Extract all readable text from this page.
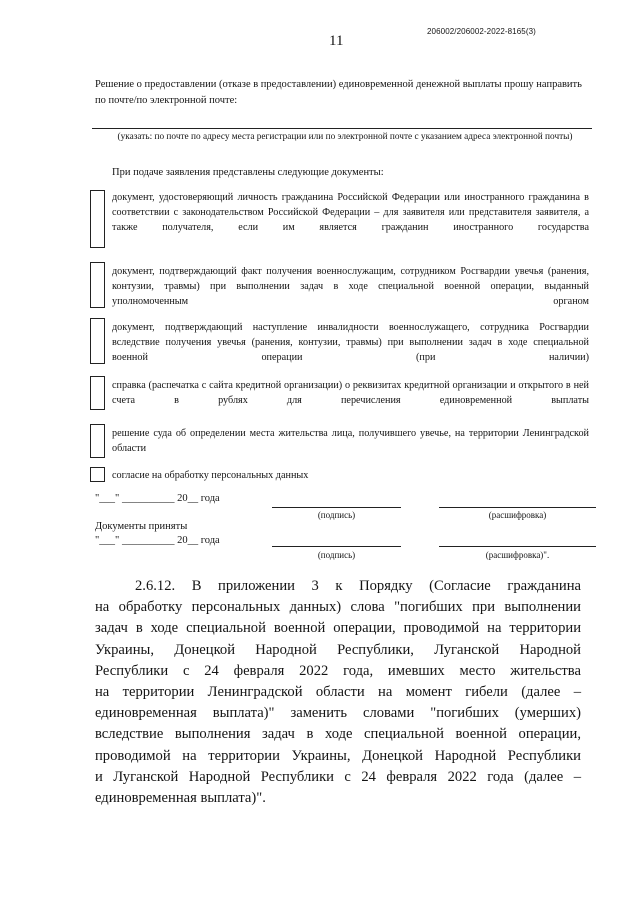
11
206002/206002-2022-8165(3)
Решение о предоставлении (отказе в предоставлении) единовременной денежной выплаты прошу направить по почте/по электронной почте:
(указать: по почте по адресу места регистрации или по электронной почте с указанием адреса электронной почты)
При подаче заявления представлены следующие документы:
документ, удостоверяющий личность гражданина Российской Федерации или иностранного гражданина в соответствии с законодательством Российской Федерации – для заявителя или представителя заявителя, а также получателя, если им является гражданин иностранного государства
документ, подтверждающий факт получения военнослужащим, сотрудником Росгвардии увечья (ранения, контузии, травмы) при выполнении задач в ходе специальной военной операции, выданный уполномоченным органом
документ, подтверждающий наступление инвалидности военнослужащего, сотрудника Росгвардии вследствие получения увечья (ранения, контузии, травмы) при выполнении задач в ходе специальной военной операции (при наличии)
справка (распечатка с сайта кредитной организации) о реквизитах кредитной организации и открытого в ней счета в рублях для перечисления единовременной выплаты
решение суда об определении места жительства лица, получившего увечье, на территории Ленинградской области
согласие на обработку персональных данных
"___" __________ 20__ года
(подпись)	(расшифровка)
Документы приняты
"___" __________ 20__ года
(подпись)	(расшифровка)".
2.6.12. В приложении 3 к Порядку (Согласие гражданина
на обработку персональных данных) слова "погибших при выполнении
задач в ходе специальной военной операции, проводимой на территории
Украины, Донецкой Народной Республики, Луганской Народной
Республики с 24 февраля 2022 года, имевших место жительства
на территории Ленинградской области на момент гибели (далее –
единовременная выплата)" заменить словами "погибших (умерших)
вследствие выполнения задач в ходе специальной военной операции,
проводимой на территории Украины, Донецкой Народной Республики
и Луганской Народной Республики с 24 февраля 2022 года (далее –
единовременная выплата)".
